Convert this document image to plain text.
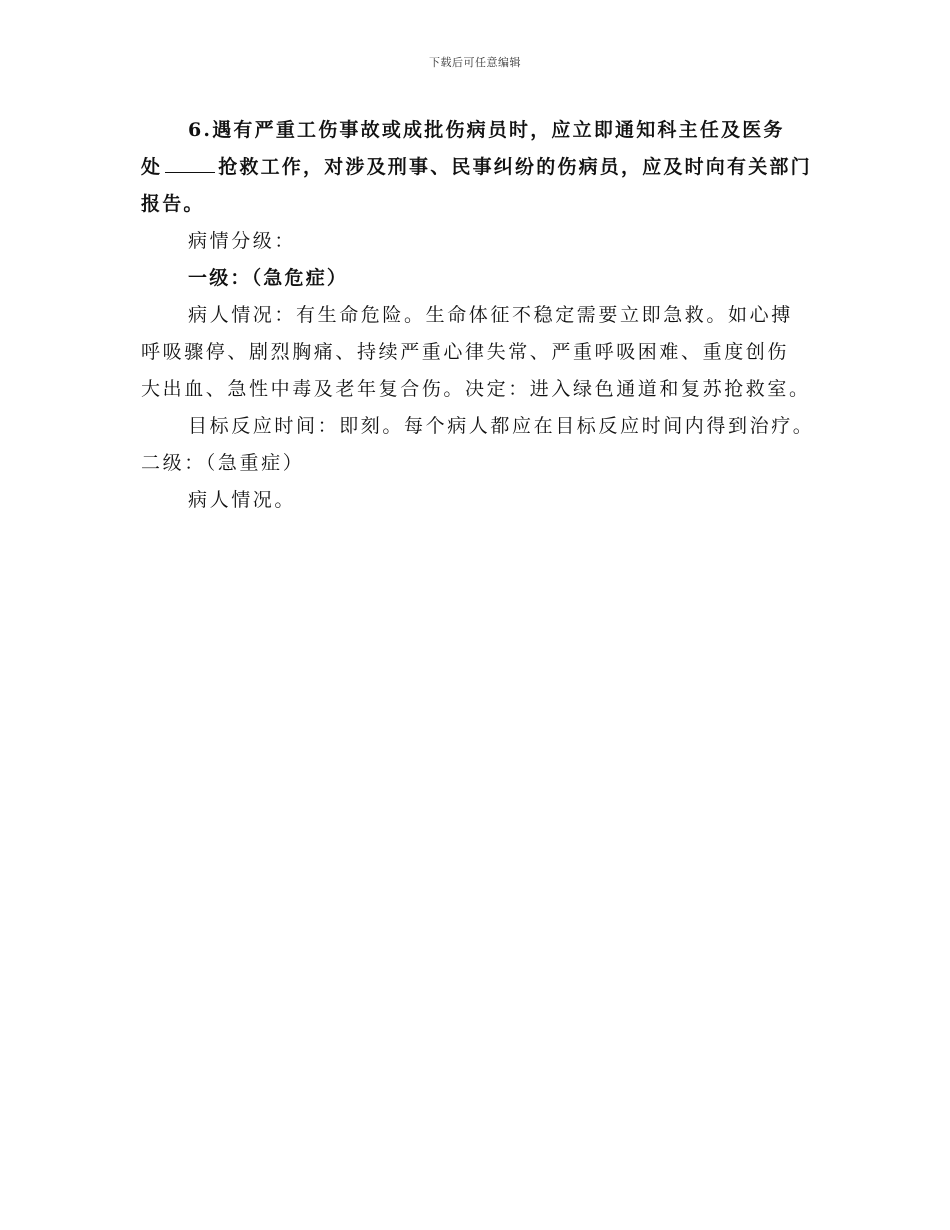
下载后可任意编辑

6.遇有严重工伤事故或成批伤病员时，应立即通知科主任及医务

处	抢救工作，对涉及刑事、民事纠纷的伤病员，应及时向有关部门

报告。

病情分级：

一级：（急危症）

病人情况：有生命危险。生命体征不稳定需要立即急救。如心搏

呼吸骤停、剧烈胸痛、持续严重心律失常、严重呼吸困难、重度创伤

大出血、急性中毒及老年复合伤。决定：进入绿色通道和复苏抢救室。

目标反应时间：即刻。每个病人都应在目标反应时间内得到治疗。

二级：（急重症）

病人情况。
